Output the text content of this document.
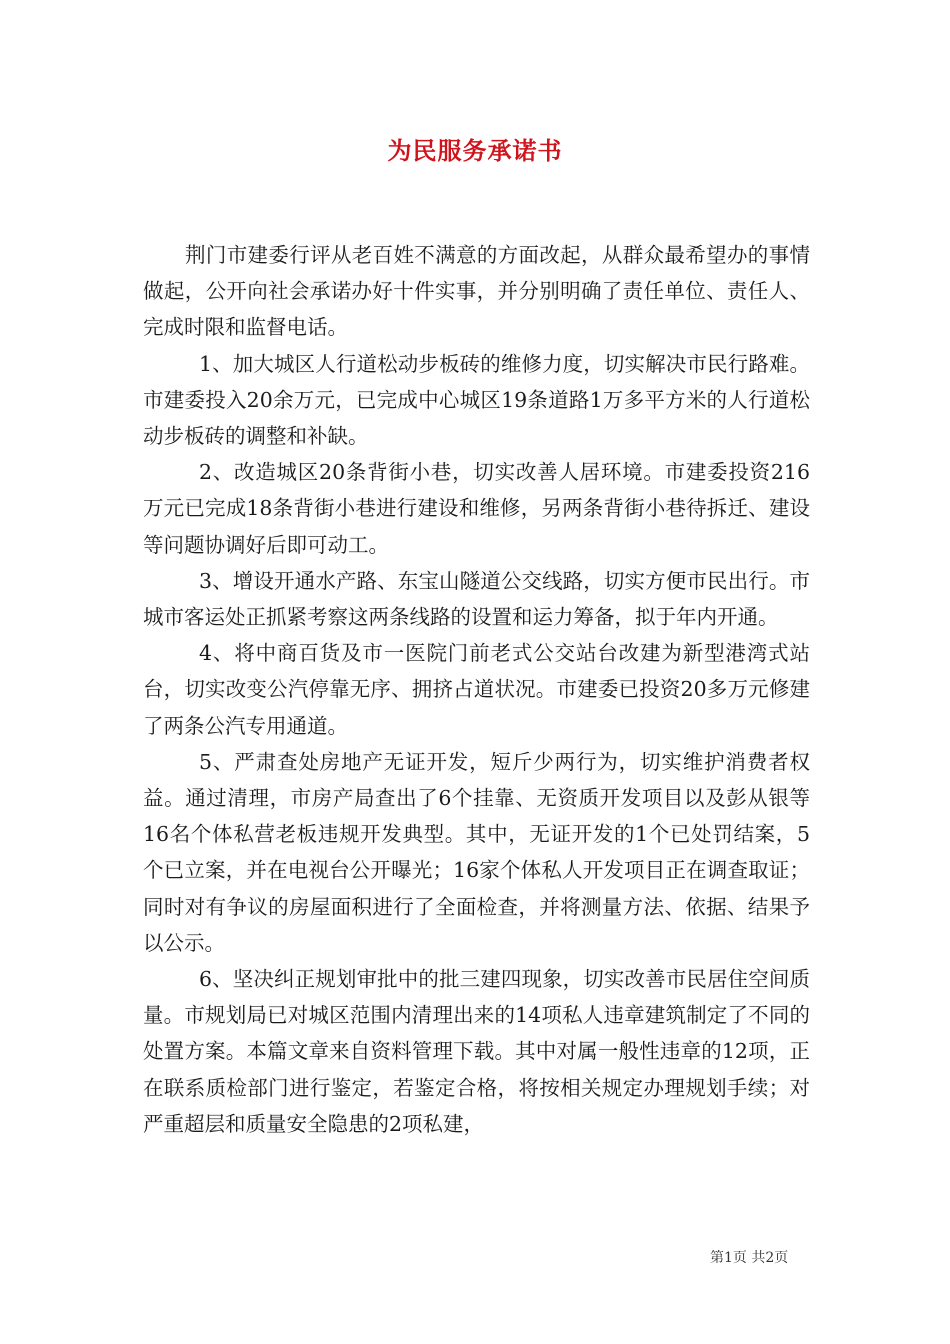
为民服务承诺书

荆门市建委行评从老百姓不满意的方面改起，从群众最希望办的事情做起，公开向社会承诺办好十件实事，并分别明确了责任单位、责任人、完成时限和监督电话。

1、加大城区人行道松动步板砖的维修力度，切实解决市民行路难。市建委投入20余万元，已完成中心城区19条道路1万多平方米的人行道松动步板砖的调整和补缺。

2、改造城区20条背街小巷，切实改善人居环境。市建委投资216万元已完成18条背街小巷进行建设和维修，另两条背街小巷待拆迁、建设等问题协调好后即可动工。

3、增设开通水产路、东宝山隧道公交线路，切实方便市民出行。市城市客运处正抓紧考察这两条线路的设置和运力筹备，拟于年内开通。

4、将中商百货及市一医院门前老式公交站台改建为新型港湾式站台，切实改变公汽停靠无序、拥挤占道状况。市建委已投资20多万元修建了两条公汽专用通道。

5、严肃查处房地产无证开发，短斤少两行为，切实维护消费者权益。通过清理，市房产局查出了6个挂靠、无资质开发项目以及彭从银等16名个体私营老板违规开发典型。其中，无证开发的1个已处罚结案，5个已立案，并在电视台公开曝光；16家个体私人开发项目正在调查取证；同时对有争议的房屋面积进行了全面检查，并将测量方法、依据、结果予以公示。

6、坚决纠正规划审批中的批三建四现象，切实改善市民居住空间质量。市规划局已对城区范围内清理出来的14项私人违章建筑制定了不同的处置方案。本篇文章来自资料管理下载。其中对属一般性违章的12项，正在联系质检部门进行鉴定，若鉴定合格，将按相关规定办理规划手续；对严重超层和质量安全隐患的2项私建，

第1页 共2页
